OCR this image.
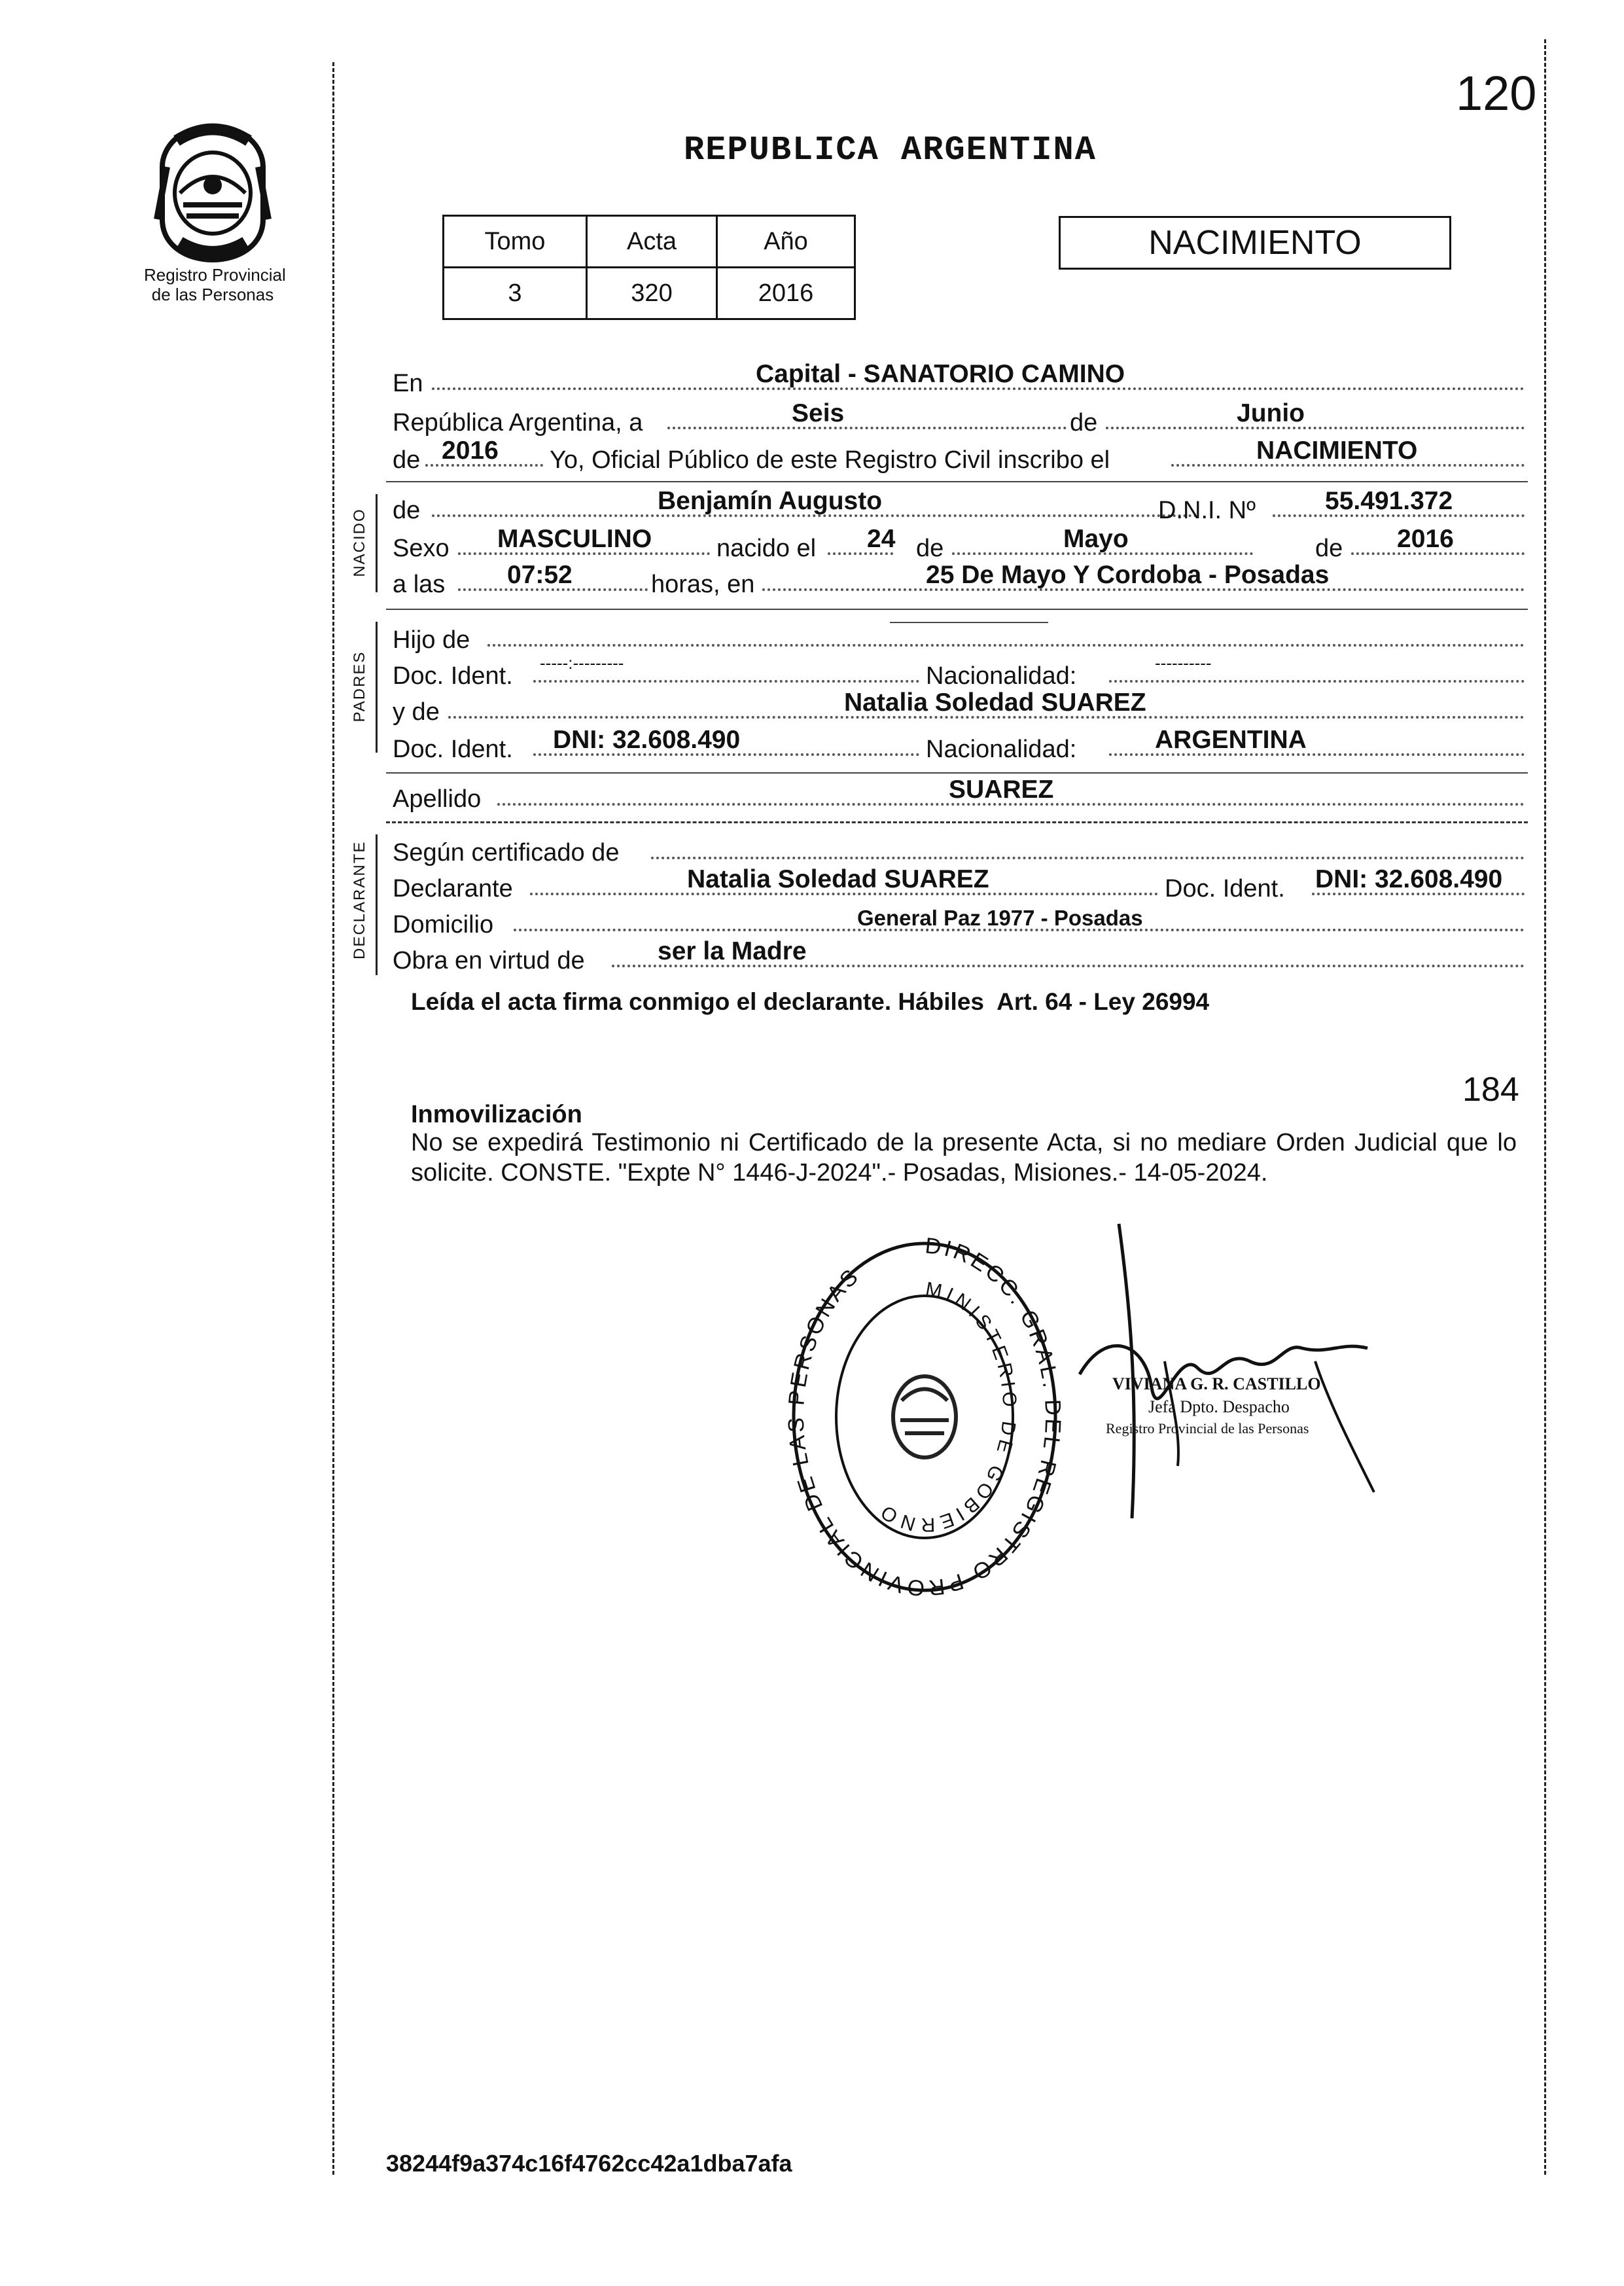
120
Registro Provincial
de las Personas
REPUBLICA ARGENTINA
Tomo	Acta	Año
3	320	2016
NACIMIENTO
NACIDO
PADRES
DECLARANTE
En	Capital - SANATORIO CAMINO
República Argentina, a	Seis	de	Junio
de 2016 Yo, Oficial Público de este Registro Civil inscribo el	NACIMIENTO
de	Benjamín Augusto	D.N.I. Nº	55.491.372
Sexo MASCULINO	nacido el 24 de	Mayo	de 2016
a las 07:52	horas, en	25 De Mayo Y Cordoba - Posadas
Hijo de
———————————
Doc. Ident. -----:---------	Nacionalidad:	----------
y de	Natalia Soledad SUAREZ
Doc. Ident. DNI: 32.608.490	Nacionalidad:	ARGENTINA
Apellido	SUAREZ
Según certificado de
Declarante	Natalia Soledad SUAREZ	Doc. Ident. DNI: 32.608.490
Domicilio	General Paz 1977 - Posadas
Obra en virtud de	ser la Madre
Leída el acta firma conmigo el declarante. Hábiles  Art. 64 - Ley 26994
184
Inmovilización
No se expedirá Testimonio ni Certificado de la presente Acta, si no mediare Orden Judicial que lo solicite. CONSTE. "Expte N° 1446-J-2024".- Posadas, Misiones.- 14-05-2024.
DIRECC. GRAL. DEL REGISTRO PROVINCIAL DE LAS PERSONAS	MINISTERIO DE GOBIERNO
VIVIANA G. R. CASTILLO
Jefa Dpto. Despacho
Registro Provincial de las Personas
38244f9a374c16f4762cc42a1dba7afa
